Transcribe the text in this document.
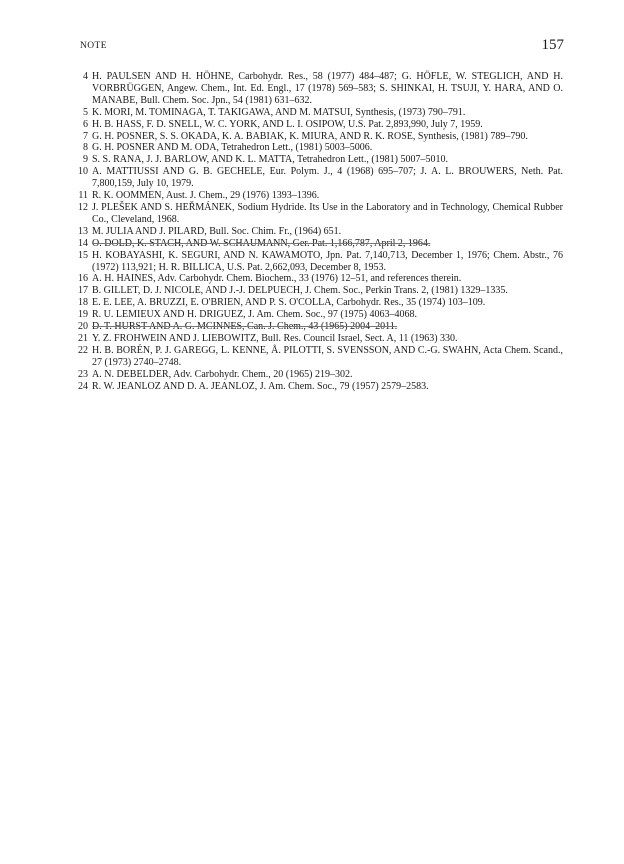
NOTE	157

4 H. PAULSEN AND H. HÖHNE, Carbohydr. Res., 58 (1977) 484–487; G. HÖFLE, W. STEGLICH, AND H. VORBRÜGGEN, Angew. Chem., Int. Ed. Engl., 17 (1978) 569–583; S. SHINKAI, H. TSUJI, Y. HARA, AND O. MANABE, Bull. Chem. Soc. Jpn., 54 (1981) 631–632.

5 K. MORI, M. TOMINAGA, T. TAKIGAWA, AND M. MATSUI, Synthesis, (1973) 790–791.

6 H. B. HASS, F. D. SNELL, W. C. YORK, AND L. I. OSIPOW, U.S. Pat. 2,893,990, July 7, 1959.

7 G. H. POSNER, S. S. OKADA, K. A. BABIAK, K. MIURA, AND R. K. ROSE, Synthesis, (1981) 789–790.

8 G. H. POSNER AND M. ODA, Tetrahedron Lett., (1981) 5003–5006.

9 S. S. RANA, J. J. BARLOW, AND K. L. MATTA, Tetrahedron Lett., (1981) 5007–5010.

10 A. MATTIUSSI AND G. B. GECHELE, Eur. Polym. J., 4 (1968) 695–707; J. A. L. BROUWERS, Neth. Pat. 7,800,159, July 10, 1979.

11 R. K. OOMMEN, Aust. J. Chem., 29 (1976) 1393–1396.

12 J. PLEŠEK AND S. HEŘMÁNEK, Sodium Hydride. Its Use in the Laboratory and in Technology, Chemical Rubber Co., Cleveland, 1968.

13 M. JULIA AND J. PILARD, Bull. Soc. Chim. Fr., (1964) 651.

14 O. DOLD, K. STACH, AND W. SCHAUMANN, Ger. Pat. 1,166,787, April 2, 1964.

15 H. KOBAYASHI, K. SEGURI, AND N. KAWAMOTO, Jpn. Pat. 7,140,713, December 1, 1976; Chem. Abstr., 76 (1972) 113,921; H. R. BILLICA, U.S. Pat. 2,662,093, December 8, 1953.

16 A. H. HAINES, Adv. Carbohydr. Chem. Biochem., 33 (1976) 12–51, and references therein.

17 B. GILLET, D. J. NICOLE, AND J.-J. DELPUECH, J. Chem. Soc., Perkin Trans. 2, (1981) 1329–1335.

18 E. E. LEE, A. BRUZZI, E. O'BRIEN, AND P. S. O'COLLA, Carbohydr. Res., 35 (1974) 103–109.

19 R. U. LEMIEUX AND H. DRIGUEZ, J. Am. Chem. Soc., 97 (1975) 4063–4068.

20 D. T. HURST AND A. G. MCINNES, Can. J. Chem., 43 (1965) 2004–2011.

21 Y. Z. FROHWEIN AND J. LIEBOWITZ, Bull. Res. Council Israel, Sect. A, 11 (1963) 330.

22 H. B. BORÉN, P. J. GAREGG, L. KENNE, Å. PILOTTI, S. SVENSSON, AND C.-G. SWAHN, Acta Chem. Scand., 27 (1973) 2740–2748.

23 A. N. DEBELDER, Adv. Carbohydr. Chem., 20 (1965) 219–302.

24 R. W. JEANLOZ AND D. A. JEANLOZ, J. Am. Chem. Soc., 79 (1957) 2579–2583.
